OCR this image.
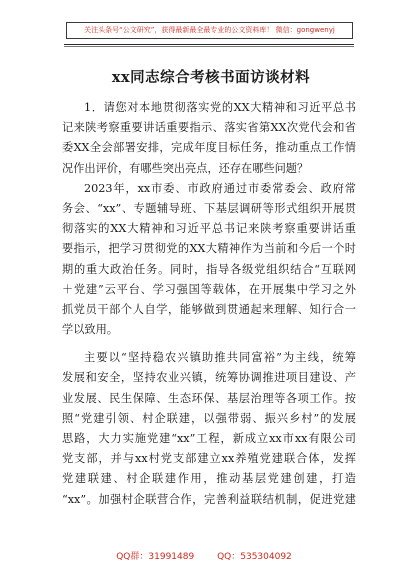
关注头条号“公文研究”，获得最新最全最专业的公文资料库！ 微信：gongwenyj
xx同志综合考核书面访谈材料
1．请您对本地贯彻落实党的XX大精神和习近平总书
记来陕考察重要讲话重要指示、落实省第XX次党代会和省
委XX全会部署安排，完成年度目标任务，推动重点工作情
况作出评价，有哪些突出亮点，还存在哪些问题？
2023年，xx市委、市政府通过市委常委会、政府常
务会、“xx”、专题辅导班、下基层调研等形式组织开展贯
彻落实的XX大精神和习近平总书记来陕考察重要讲话重
要指示，把学习贯彻党的XX大精神作为当前和今后一个时
期的重大政治任务。同时，指导各级党组织结合“互联网
＋党建”云平台、学习强国等载体，在开展集中学习之外
抓党员干部个人自学，能够做到贯通起来理解、知行合一
学以致用。
主要以“坚持稳农兴镇助推共同富裕”为主线，统筹
发展和安全，坚持农业兴镇，统筹协调推进项目建设、产
业发展、民生保障、生态环保、基层治理等各项工作。按
照“党建引领、村企联建，以强带弱、振兴乡村”的发展
思路，大力实施党建“xx”工程，新成立xx市xx有限公司
党支部，并与xx村党支部建立xx养殖党建联合体，发挥
党建联建、村企联建作用，推动基层党建创建，打造
“xx”。加强村企联营合作，完善利益联结机制，促进党建
QQ群：31991489	QQ：535304092
